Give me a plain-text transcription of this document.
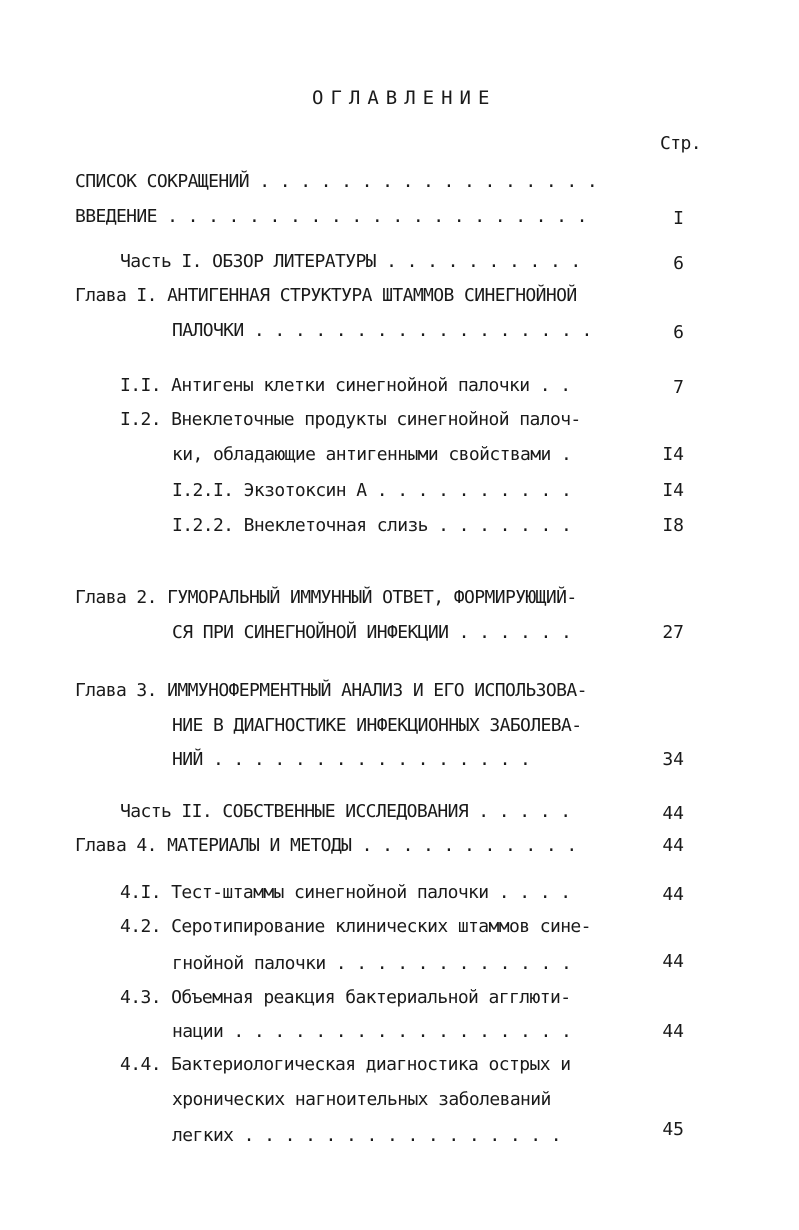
ОГЛАВЛЕНИЕ
Стр.
СПИСОК СОКРАЩЕНИЙ . . . . . . . . . . . . . . . . .
ВВЕДЕНИЕ . . . . . . . . . . . . . . . . . . . . .	I
Часть I. ОБЗОР ЛИТЕРАТУРЫ . . . . . . . . . .	6
Глава I. АНТИГЕННАЯ СТРУКТУРА ШТАММОВ СИНЕГНОЙНОЙ
ПАЛОЧКИ . . . . . . . . . . . . . . . . .	6
I.I. Антигены клетки синегнойной палочки . .	7
I.2. Внеклеточные продукты синегнойной палоч-
ки, обладающие антигенными свойствами .	I4
I.2.I. Экзотоксин А . . . . . . . . . .	I4
I.2.2. Внеклеточная слизь . . . . . . .	I8
Глава 2. ГУМОРАЛЬНЫЙ ИММУННЫЙ ОТВЕТ, ФОРМИРУЮЩИЙ-
СЯ ПРИ СИНЕГНОЙНОЙ ИНФЕКЦИИ . . . . . .	27
Глава 3. ИММУНОФЕРМЕНТНЫЙ АНАЛИЗ И ЕГО ИСПОЛЬЗОВА-
НИЕ В ДИАГНОСТИКЕ ИНФЕКЦИОННЫХ ЗАБОЛЕВА-
НИЙ . . . . . . . . . . . . . . . .	34
Часть II. СОБСТВЕННЫЕ ИССЛЕДОВАНИЯ . . . . .	44
Глава 4. МАТЕРИАЛЫ И МЕТОДЫ . . . . . . . . . . .	44
4.I. Тест-штаммы синегнойной палочки . . . .	44
4.2. Серотипирование клинических штаммов сине-
гнойной палочки . . . . . . . . . . . .	44
4.3. Объемная реакция бактериальной агглюти-
нации . . . . . . . . . . . . . . . . .	44
4.4. Бактериологическая диагностика острых и
хронических нагноительных заболеваний
легких . . . . . . . . . . . . . . . .	45
